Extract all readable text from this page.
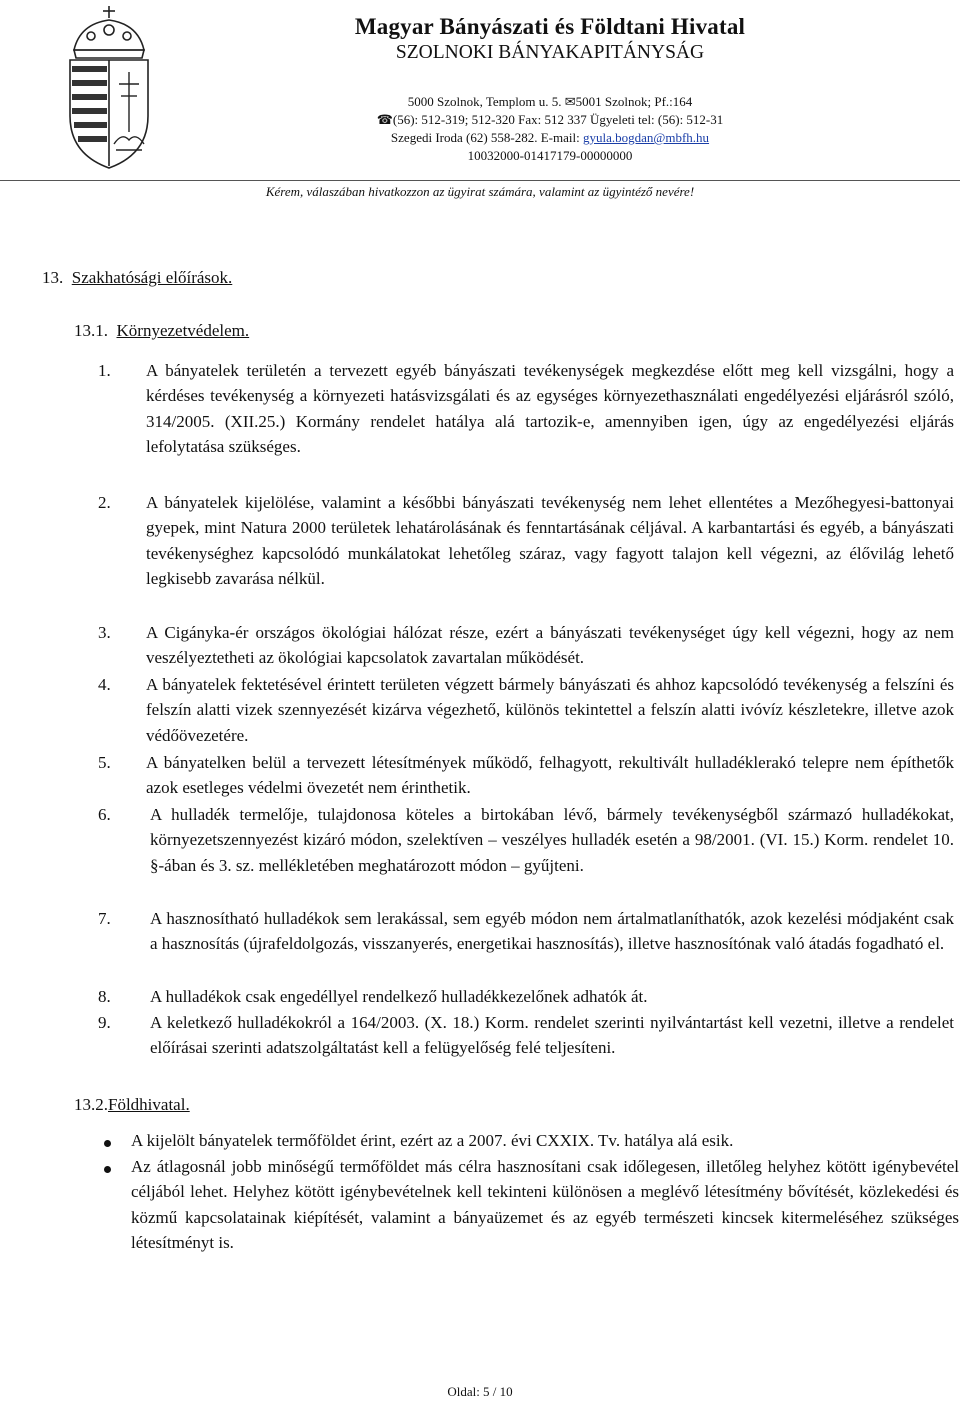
Magyar Bányászati és Földtani Hivatal
SZOLNOKI BÁNYAKAPITÁNYSÁG
5000 Szolnok, Templom u. 5. ✉5001 Szolnok; Pf.:164
☎(56): 512-319; 512-320 Fax: 512 337 Ügyeleti tel: (56): 512-31
Szegedi Iroda (62) 558-282. E-mail: gyula.bogdan@mbfh.hu
10032000-01417179-00000000
Kérem, válaszában hivatkozzon az ügyirat számára, valamint az ügyintéző nevére!
13. Szakhatósági előírások.
13.1. Környezetvédelem.
1. A bányatelek területén a tervezett egyéb bányászati tevékenységek megkezdése előtt meg kell vizsgálni, hogy a kérdéses tevékenység a környezeti hatásvizsgálati és az egységes környezethasználati engedélyezési eljárásról szóló, 314/2005. (XII.25.) Kormány rendelet hatálya alá tartozik-e, amennyiben igen, úgy az engedélyezési eljárás lefolytatása szükséges.
2. A bányatelek kijelölése, valamint a későbbi bányászati tevékenység nem lehet ellentétes a Mezőhegyesi-battonyai gyepek, mint Natura 2000 területek lehatárolásának és fenntartásának céljával. A karbantartási és egyéb, a bányászati tevékenységhez kapcsolódó munkálatokat lehetőleg száraz, vagy fagyott talajon kell végezni, az élővilág lehető legkisebb zavarása nélkül.
3. A Cigányka-ér országos ökológiai hálózat része, ezért a bányászati tevékenységet úgy kell végezni, hogy az nem veszélyeztetheti az ökológiai kapcsolatok zavartalan működését.
4. A bányatelek fektetésével érintett területen végzett bármely bányászati és ahhoz kapcsolódó tevékenység a felszíni és felszín alatti vizek szennyezését kizárva végezhető, különös tekintettel a felszín alatti ivóvíz készletekre, illetve azok védőövezetére.
5. A bányatelken belül a tervezett létesítmények működő, felhagyott, rekultivált hulladéklerakó telepre nem építhetők azok esetleges védelmi övezetét nem érinthetik.
6. A hulladék termelője, tulajdonosa köteles a birtokában lévő, bármely tevékenységből származó hulladékokat, környezetszennyezést kizáró módon, szelektíven – veszélyes hulladék esetén a 98/2001. (VI. 15.) Korm. rendelet 10. §-ában és 3. sz. mellékletében meghatározott módon – gyűjteni.
7. A hasznosítható hulladékok sem lerakással, sem egyéb módon nem ártalmatlaníthatók, azok kezelési módjaként csak a hasznosítás (újrafeldolgozás, visszanyerés, energetikai hasznosítás), illetve hasznosítónak való átadás fogadható el.
8. A hulladékok csak engedéllyel rendelkező hulladékkezelőnek adhatók át.
9. A keletkező hulladékokról a 164/2003. (X. 18.) Korm. rendelet szerinti nyilvántartást kell vezetni, illetve a rendelet előírásai szerinti adatszolgáltatást kell a felügyelőség felé teljesíteni.
13.2.Földhivatal.
A kijelölt bányatelek termőföldet érint, ezért az a 2007. évi CXXIX. Tv. hatálya alá esik.
Az átlagosnál jobb minőségű termőföldet más célra hasznosítani csak időlegesen, illetőleg helyhez kötött igénybevétel céljából lehet. Helyhez kötött igénybevételnek kell tekinteni különösen a meglévő létesítmény bővítését, közlekedési és közmű kapcsolatainak kiépítését, valamint a bányaüzemet és az egyéb természeti kincsek kitermeléséhez szükséges létesítményt is.
Oldal: 5 / 10
